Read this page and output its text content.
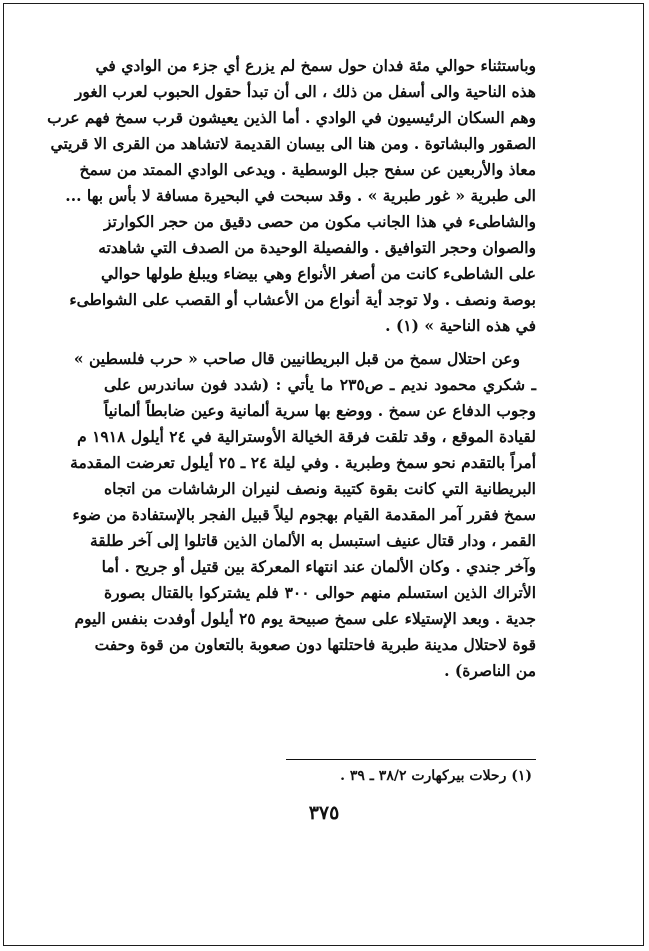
وباستثناء حوالي مئة فدان حول سمخ لم يزرع أي جزء من الوادي في
هذه الناحية والى أسفل من ذلك ، الى أن تبدأ حقول الحبوب لعرب الغور
وهم السكان الرئيسيون في الوادي . أما الذين يعيشون قرب سمخ فهم عرب
الصقور والبشاتوة . ومن هنا الى بيسان القديمة لاتشاهد من القرى الا قريتي
معاذ والأربعين عن سفح جبل الوسطية . ويدعى الوادي الممتد من سمخ
الى طبرية « غور طبرية » . وقد سبحت في البحيرة مسافة لا بأس بها ...
والشاطىء في هذا الجانب مكون من حصى دقيق من حجر الكوارتز
والصوان وحجر التوافيق . والفصيلة الوحيدة من الصدف التي شاهدته
على الشاطىء كانت من أصغر الأنواع وهي بيضاء ويبلغ طولها حوالي
بوصة ونصف . ولا توجد أية أنواع من الأعشاب أو القصب على الشواطىء
في هذه الناحية » (١) .
وعن احتلال سمخ من قبل البريطانيين قال صاحب « حرب فلسطين »
ـ شكري محمود نديم ـ ص٢٣٥ ما يأتي : (شدد فون ساندرس على
وجوب الدفاع عن سمخ . ووضع بها سرية ألمانية وعين ضابطاً ألمانياً
لقيادة الموقع ، وقد تلقت فرقة الخيالة الأوسترالية في ٢٤ أيلول ١٩١٨ م
أمراً بالتقدم نحو سمخ وطبرية . وفي ليلة ٢٤ ـ ٢٥ أيلول تعرضت المقدمة
البريطانية التي كانت بقوة كتيبة ونصف لنيران الرشاشات من اتجاه
سمخ فقرر آمر المقدمة القيام بهجوم ليلاً قبيل الفجر بالإستفادة من ضوء
القمر ، ودار قتال عنيف استبسل به الألمان الذين قاتلوا إلى آخر طلقة
وآخر جندي . وكان الألمان عند انتهاء المعركة بين قتيل أو جريح . أما
الأتراك الذين استسلم منهم حوالى ٣٠٠ فلم يشتركوا بالقتال بصورة
جدية . وبعد الإستيلاء على سمخ صبيحة يوم ٢٥ أيلول أوفدت بنفس اليوم
قوة لاحتلال مدينة طبرية فاحتلتها دون صعوبة بالتعاون من قوة وحفت
من الناصرة) .
(١) رحلات بيركهارت ٣٨/٢ ـ ٣٩ .
٣٧٥
